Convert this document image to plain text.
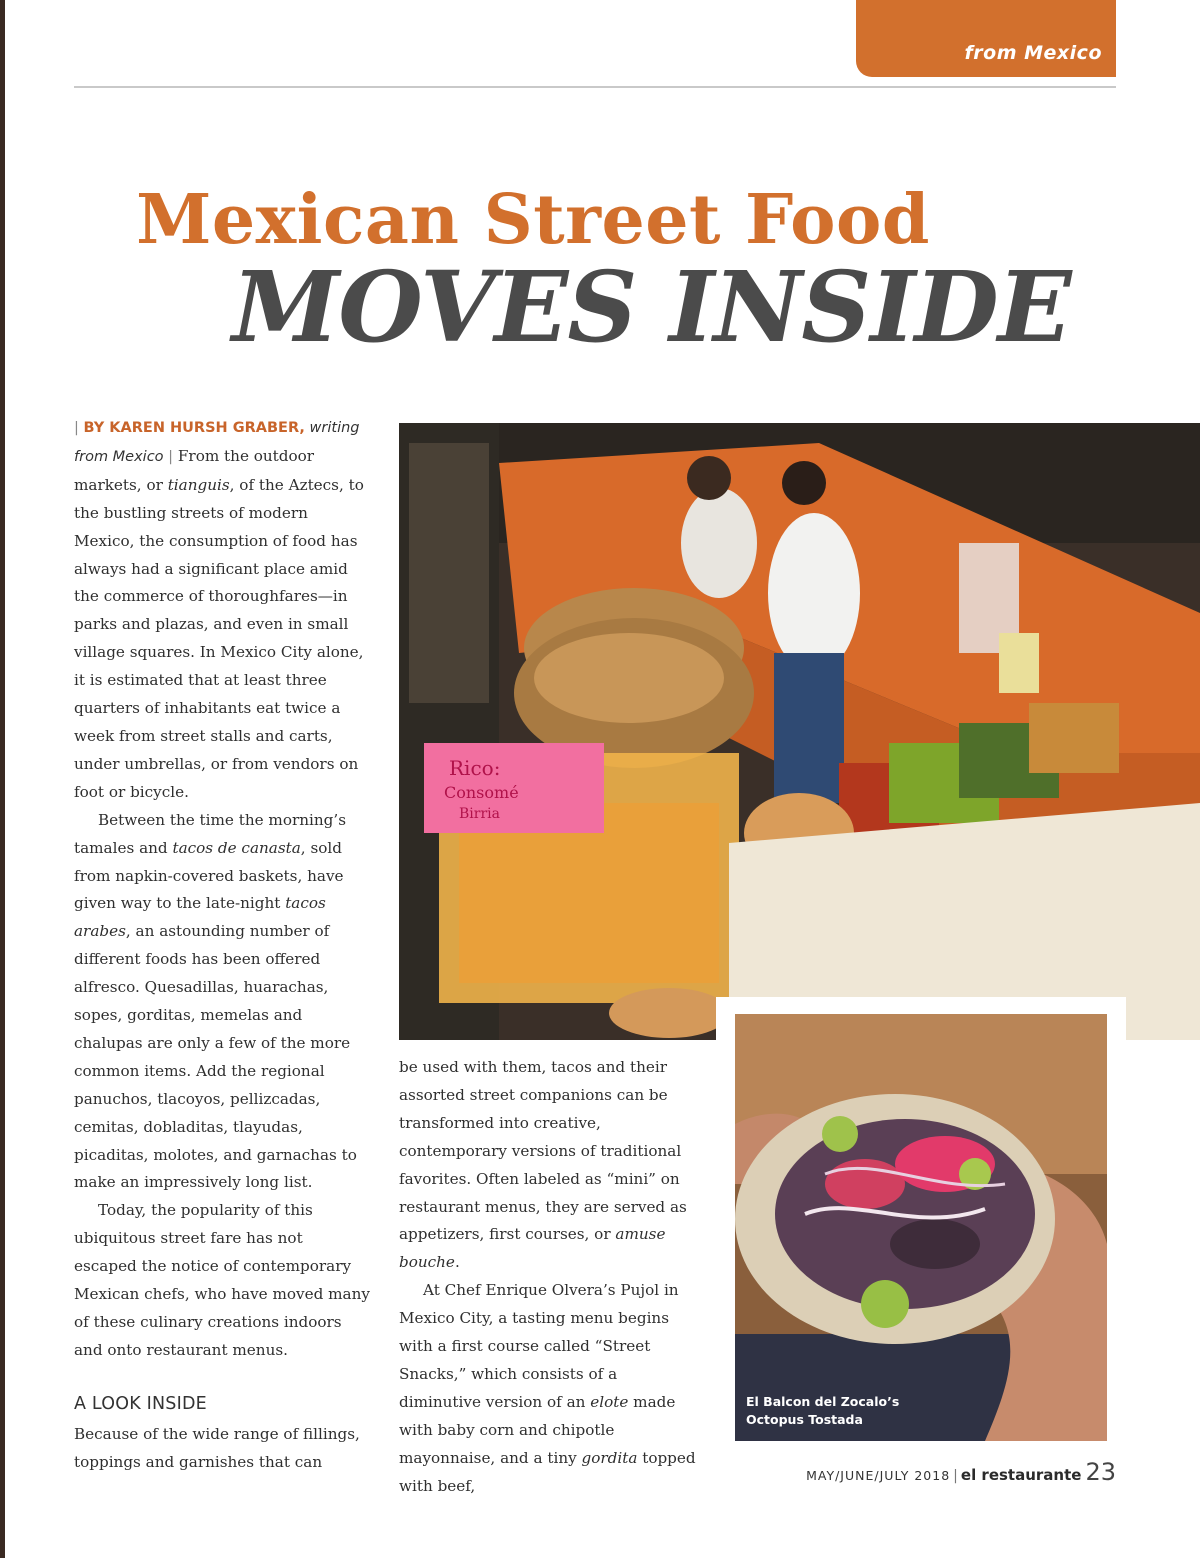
from Mexico
Mexican Street Food
MOVES INSIDE

| BY KAREN HURSH GRABER, writing from Mexico | From the outdoor markets, or tianguis, of the Aztecs, to the bustling streets of modern Mexico, the consumption of food has always had a significant place amid the commerce of thoroughfares—in parks and plazas, and even in small village squares. In Mexico City alone, it is estimated that at least three quarters of inhabitants eat twice a week from street stalls and carts, under umbrellas, or from vendors on foot or bicycle.

Between the time the morning’s tamales and tacos de canasta, sold from napkin-covered baskets, have given way to the late-night tacos arabes, an astounding number of different foods has been offered alfresco. Quesadillas, huarachas, sopes, gorditas, memelas and chalupas are only a few of the more common items. Add the regional panuchos, tlacoyos, pellizcadas, cemitas, dobladitas, tlayudas, picaditas, molotes, and garnachas to make an impressively long list.

Today, the popularity of this ubiquitous street fare has not escaped the notice of contemporary Mexican chefs, who have moved many of these culinary creations indoors and onto restaurant menus.

A LOOK INSIDE

Because of the wide range of fillings, toppings and garnishes that can

Rico:
Consomé
Birria

be used with them, tacos and their assorted street companions can be transformed into creative, contemporary versions of traditional favorites. Often labeled as “mini” on restaurant menus, they are served as appetizers, first courses, or amuse bouche.

At Chef Enrique Olvera’s Pujol in Mexico City, a tasting menu begins with a first course called “Street Snacks,” which consists of a diminutive version of an elote made with baby corn and chipotle mayonnaise, and a tiny gordita topped with beef,

El Balcon del Zocalo’s
Octopus Tostada
MAY/JUNE/JULY 2018 | el restaurante 23
